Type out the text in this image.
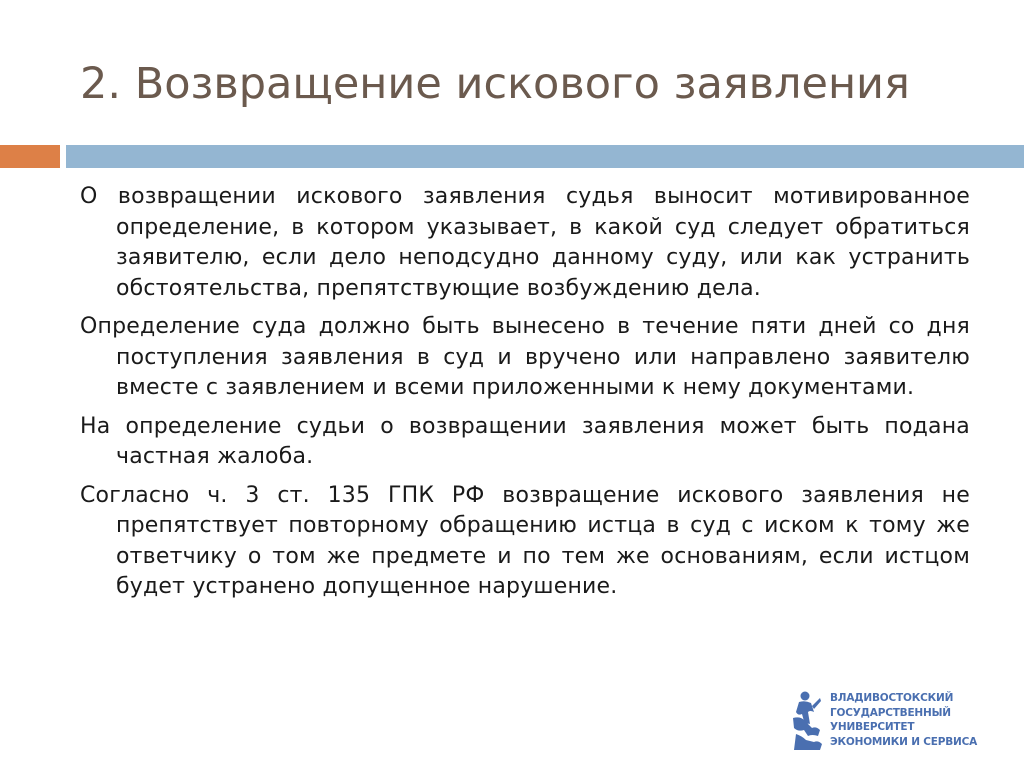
2. Возвращение искового заявления

О возвращении искового заявления судья выносит мотивированное определение, в котором указывает, в какой суд следует обратиться заявителю, если дело неподсудно данному суду, или как устранить обстоятельства, препятствующие возбуждению дела.

Определение суда должно быть вынесено в течение пяти дней со дня поступления заявления в суд и вручено или направлено заявителю вместе с заявлением и всеми приложенными к нему документами.

На определение судьи о возвращении заявления может быть подана частная жалоба.

Согласно ч. 3 ст. 135 ГПК РФ возвращение искового заявления не препятствует повторному обращению истца в суд с иском к тому же ответчику о том же предмете и по тем же основаниям, если истцом будет устранено допущенное нарушение.

ВЛАДИВОСТОКСКИЙ
ГОСУДАРСТВЕННЫЙ
УНИВЕРСИТЕТ
ЭКОНОМИКИ И СЕРВИСА
